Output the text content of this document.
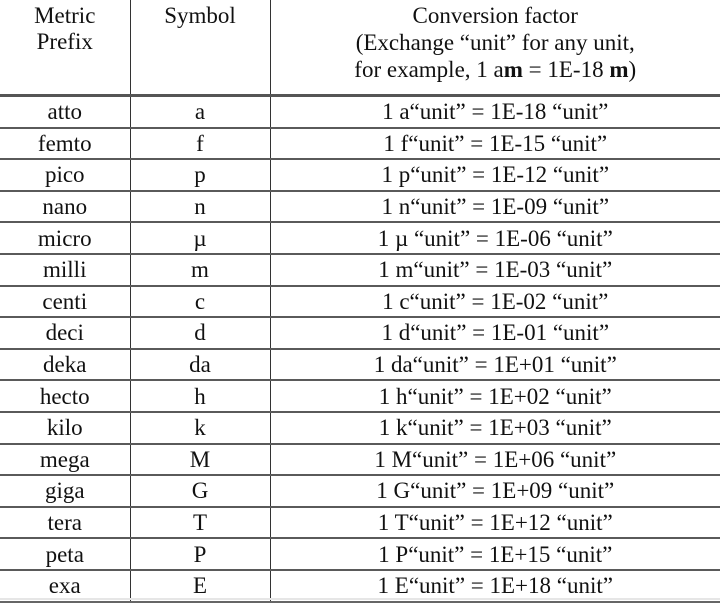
Metric
Prefix	Symbol	Conversion factor
(Exchange “unit” for any unit,
for example, 1 am = 1E-18 m)
atto	a	1 a“unit” = 1E-18 “unit”
femto	f	1 f“unit” = 1E-15 “unit”
pico	p	1 p“unit” = 1E-12 “unit”
nano	n	1 n“unit” = 1E-09 “unit”
micro	µ	1 µ “unit” = 1E-06 “unit”
milli	m	1 m“unit” = 1E-03 “unit”
centi	c	1 c“unit” = 1E-02 “unit”
deci	d	1 d“unit” = 1E-01 “unit”
deka	da	1 da“unit” = 1E+01 “unit”
hecto	h	1 h“unit” = 1E+02 “unit”
kilo	k	1 k“unit” = 1E+03 “unit”
mega	M	1 M“unit” = 1E+06 “unit”
giga	G	1 G“unit” = 1E+09 “unit”
tera	T	1 T“unit” = 1E+12 “unit”
peta	P	1 P“unit” = 1E+15 “unit”
exa	E	1 E“unit” = 1E+18 “unit”
